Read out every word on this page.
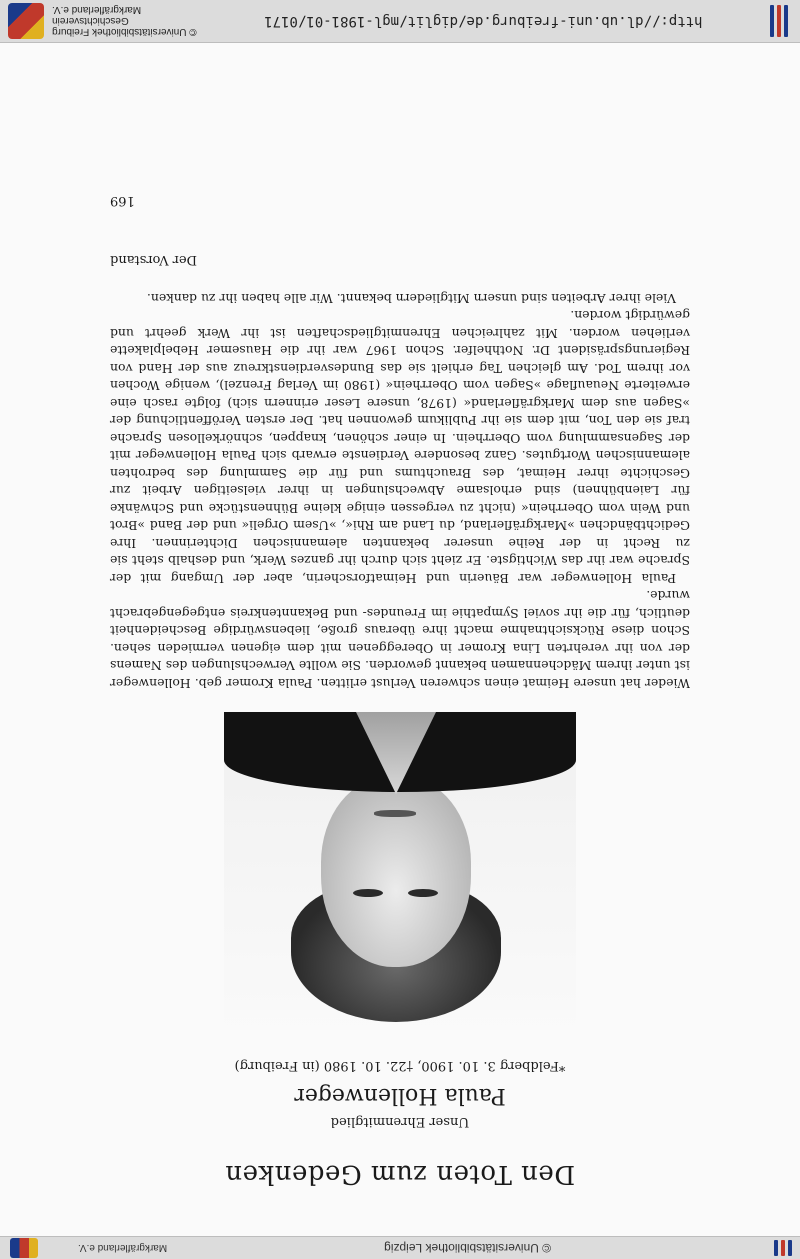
© Universitätsbibliothek Leipzig
Markgräflerland e.V.
Den Toten zum Gedenken
Unser Ehrenmitglied
Paula Hollenweger
*Feldberg 3. 10. 1900, †22. 10. 1980 (in Freiburg)

Wieder hat unsere Heimat einen schweren Verlust erlitten. Paula Kromer geb. Hollenweger ist unter ihrem Mädchennamen bekannt geworden. Sie wollte Verwechslungen des Namens der von ihr verehrten Lina Kromer in Obereggenen mit dem eigenen vermieden sehen. Schon diese Rücksichtnahme macht ihre überaus große, liebenswürdige Bescheidenheit deutlich, für die ihr soviel Sympathie im Freundes- und Bekanntenkreis entgegengebracht wurde.

Paula Hollenweger war Bäuerin und Heimatforscherin, aber der Umgang mit der Sprache war ihr das Wichtigste. Er zieht sich durch ihr ganzes Werk, und deshalb steht sie zu Recht in der Reihe unserer bekannten alemannischen Dichterinnen. Ihre Gedichtbändchen »Markgräflerland, du Land am Rhi«, »Usem Orgeli« und der Band »Brot und Wein vom Oberrhein« (nicht zu vergessen einige kleine Bühnenstücke und Schwänke für Laienbühnen) sind erholsame Abwechslungen in ihrer vielseitigen Arbeit zur Geschichte ihrer Heimat, des Brauchtums und für die Sammlung des bedrohten alemannischen Wortgutes. Ganz besondere Verdienste erwarb sich Paula Hollenweger mit der Sagensammlung vom Oberrhein. In einer schönen, knappen, schnörkellosen Sprache traf sie den Ton, mit dem sie ihr Publikum gewonnen hat. Der ersten Veröffentlichung der »Sagen aus dem Markgräflerland« (1978, unsere Leser erinnern sich) folgte rasch eine erweiterte Neuauflage »Sagen vom Oberrhein« (1980 im Verlag Frenzel), wenige Wochen vor ihrem Tod. Am gleichen Tag erhielt sie das Bundesverdienstkreuz aus der Hand von Regierungspräsident Dr. Nothhelfer. Schon 1967 war ihr die Hausemer Hebelplakette verliehen worden. Mit zahlreichen Ehrenmitgliedschaften ist ihr Werk geehrt und gewürdigt worden.

Viele ihrer Arbeiten sind unsern Mitgliedern bekannt. Wir alle haben ihr zu danken.

Der Vorstand
169
http://dl.ub.uni-freiburg.de/diglit/mgl-1981-01/0171
© Universitätsbibliothek Freiburg
Geschichtsverein
Markgräflerland e.V.
